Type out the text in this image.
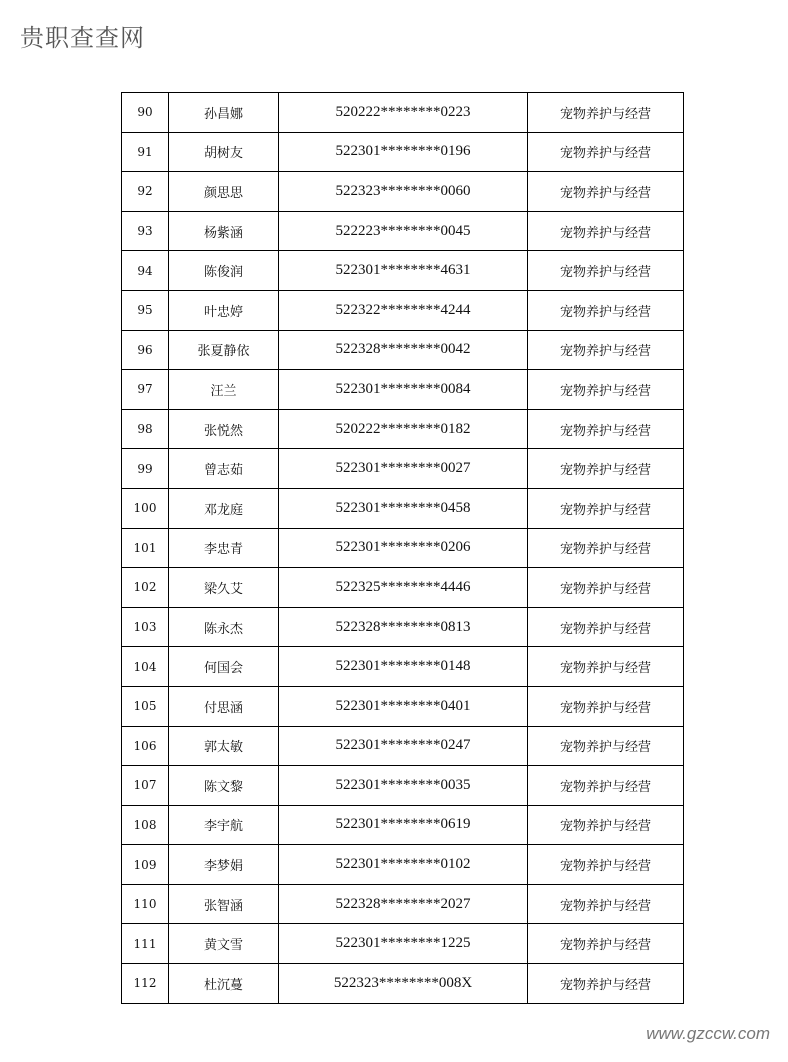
贵职查查网
90	孙昌娜	520222********0223	宠物养护与经营
91	胡树友	522301********0196	宠物养护与经营
92	颜思思	522323********0060	宠物养护与经营
93	杨紫涵	522223********0045	宠物养护与经营
94	陈俊润	522301********4631	宠物养护与经营
95	叶忠婷	522322********4244	宠物养护与经营
96	张夏静依	522328********0042	宠物养护与经营
97	汪兰	522301********0084	宠物养护与经营
98	张悦然	520222********0182	宠物养护与经营
99	曾志茹	522301********0027	宠物养护与经营
100	邓龙庭	522301********0458	宠物养护与经营
101	李忠青	522301********0206	宠物养护与经营
102	梁久艾	522325********4446	宠物养护与经营
103	陈永杰	522328********0813	宠物养护与经营
104	何国会	522301********0148	宠物养护与经营
105	付思涵	522301********0401	宠物养护与经营
106	郭太敏	522301********0247	宠物养护与经营
107	陈文黎	522301********0035	宠物养护与经营
108	李宇航	522301********0619	宠物养护与经营
109	李梦娟	522301********0102	宠物养护与经营
110	张智涵	522328********2027	宠物养护与经营
111	黄文雪	522301********1225	宠物养护与经营
112	杜沉蔓	522323********008X	宠物养护与经营
www.gzccw.com
